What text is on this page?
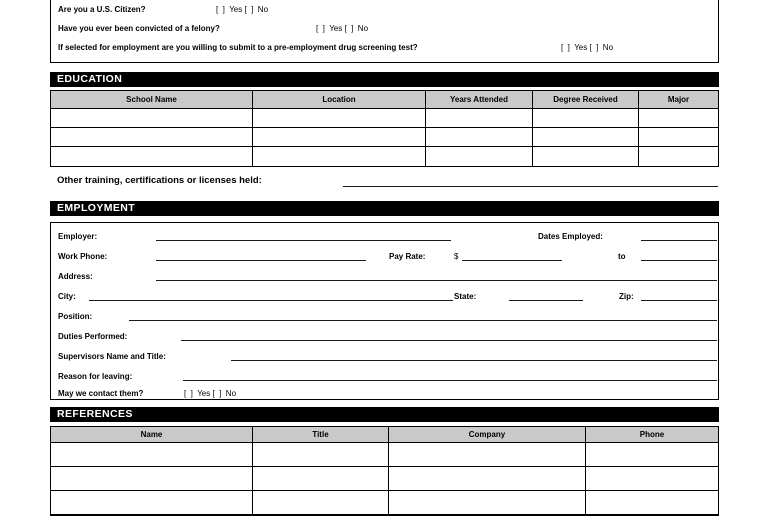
Are you a U.S. Citizen?	[  ]  Yes [  ]  No
Have you ever been convicted of a felony?	[  ]  Yes [  ]  No
If selected for employment are you willing to submit to a pre-employment drug screening test?	[  ]  Yes [  ]  No
EDUCATION
School Name	Location	Years Attended	Degree Received	Major
Other training, certifications or licenses held:
EMPLOYMENT
Employer:	Dates Employed:
Work Phone:	Pay Rate:	$	to
Address:
City:	State:	Zip:
Position:
Duties Performed:
Supervisors Name and Title:
Reason for leaving:
May we contact them?	[  ]  Yes [  ]  No
REFERENCES
Name	Title	Company	Phone
